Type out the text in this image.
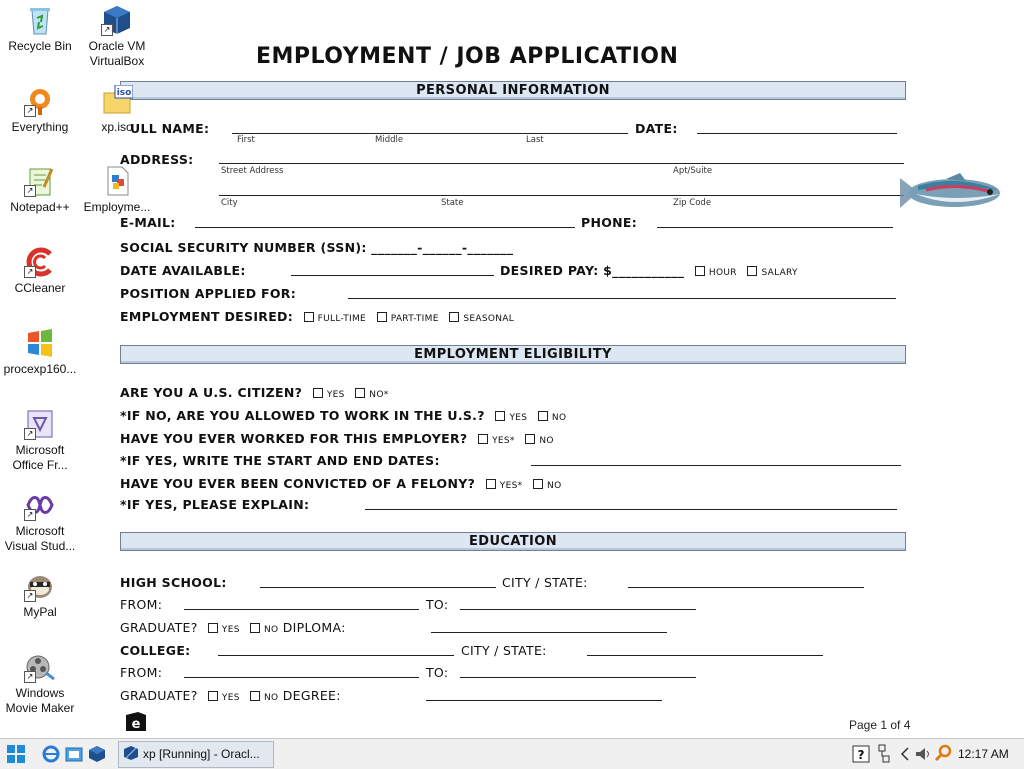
EMPLOYMENT / JOB APPLICATION
PERSONAL INFORMATION
ULL NAME:
First	Middle	Last
DATE:
ADDRESS:
Street Address	Apt/Suite
City	State	Zip Code
E-MAIL:	PHONE:
SOCIAL SECURITY NUMBER (SSN): _______-______-_______
DATE AVAILABLE:	DESIRED PAY: $___________	HOUR	SALARY
POSITION APPLIED FOR:
EMPLOYMENT DESIRED:	FULL-TIME	PART-TIME	SEASONAL
EMPLOYMENT ELIGIBILITY
ARE YOU A U.S. CITIZEN?	YES	NO*
*IF NO, ARE YOU ALLOWED TO WORK IN THE U.S.?	YES	NO
HAVE YOU EVER WORKED FOR THIS EMPLOYER?	YES*	NO
*IF YES, WRITE THE START AND END DATES:
HAVE YOU EVER BEEN CONVICTED OF A FELONY?	YES*	NO
*IF YES, PLEASE EXPLAIN:
EDUCATION
HIGH SCHOOL:	CITY / STATE:
FROM:	TO:
GRADUATE?	YES	NO DIPLOMA:
COLLEGE:	CITY / STATE:
FROM:	TO:
GRADUATE?	YES	NO DEGREE:
e	Page 1 of 4
Recycle Bin
↗
Oracle VM VirtualBox
↗
Everything
iso
xp.iso
↗
Notepad++	Employme...
↗
CCleaner
procexp160...
↗
Microsoft Office Fr...
↗
Microsoft Visual Stud...
↗
MyPal
↗
Windows Movie Maker
xp [Running] - Oracl...	?	12:17 AM
